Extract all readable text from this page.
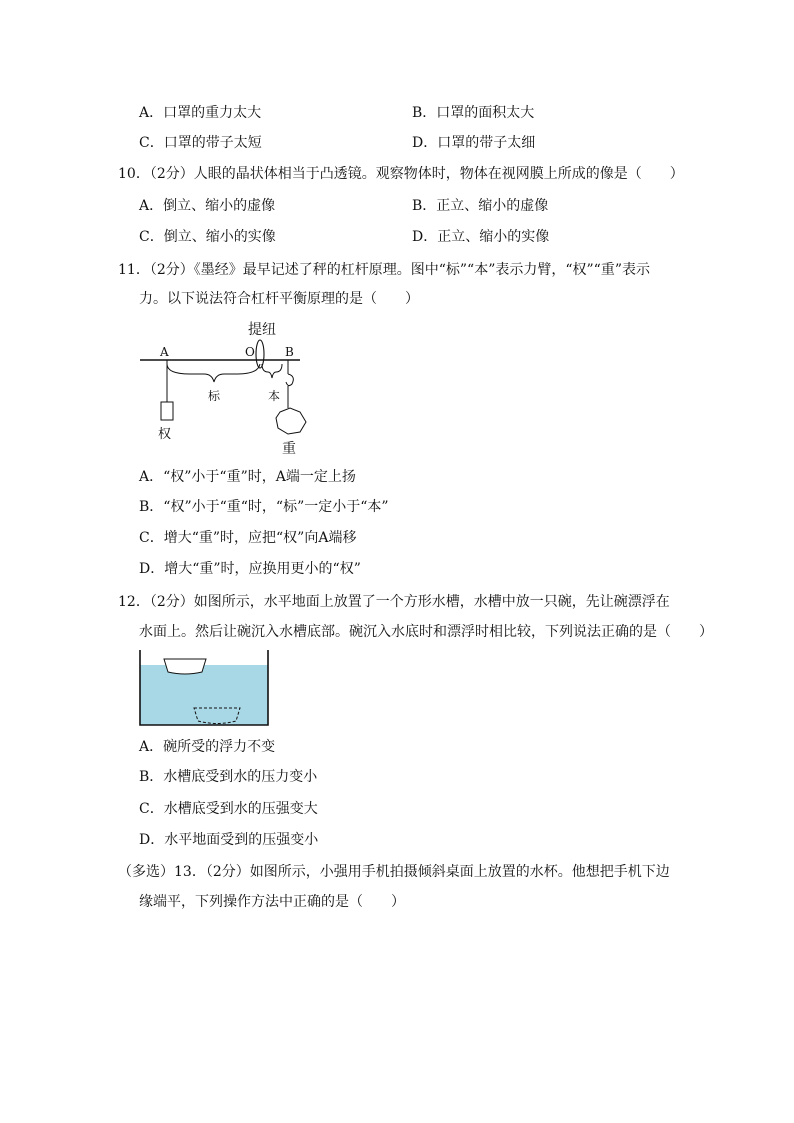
A．口罩的重力太大	B．口罩的面积太大
C．口罩的带子太短	D．口罩的带子太细
10．（2分）人眼的晶状体相当于凸透镜。观察物体时，物体在视网膜上所成的像是（　　）
A．倒立、缩小的虚像	B．正立、缩小的虚像
C．倒立、缩小的实像	D．正立、缩小的实像
11．（2分）《墨经》最早记述了秤的杠杆原理。图中“标”“本”表示力臂，“权”“重”表示
力。以下说法符合杠杆平衡原理的是（　　）
提纽
A	O	B
权
标	本
重
A．“权”小于“重”时，A端一定上扬
B．“权”小于“重“时，“标”一定小于“本”
C．增大“重”时，应把“权”向A端移
D．增大“重”时，应换用更小的“权”
12．（2分）如图所示，水平地面上放置了一个方形水槽，水槽中放一只碗，先让碗漂浮在
水面上。然后让碗沉入水槽底部。碗沉入水底时和漂浮时相比较，下列说法正确的是（　　）
A．碗所受的浮力不变
B．水槽底受到水的压力变小
C．水槽底受到水的压强变大
D．水平地面受到的压强变小
（多选）13．（2分）如图所示，小强用手机拍摄倾斜桌面上放置的水杯。他想把手机下边
缘端平，下列操作方法中正确的是（　　）
